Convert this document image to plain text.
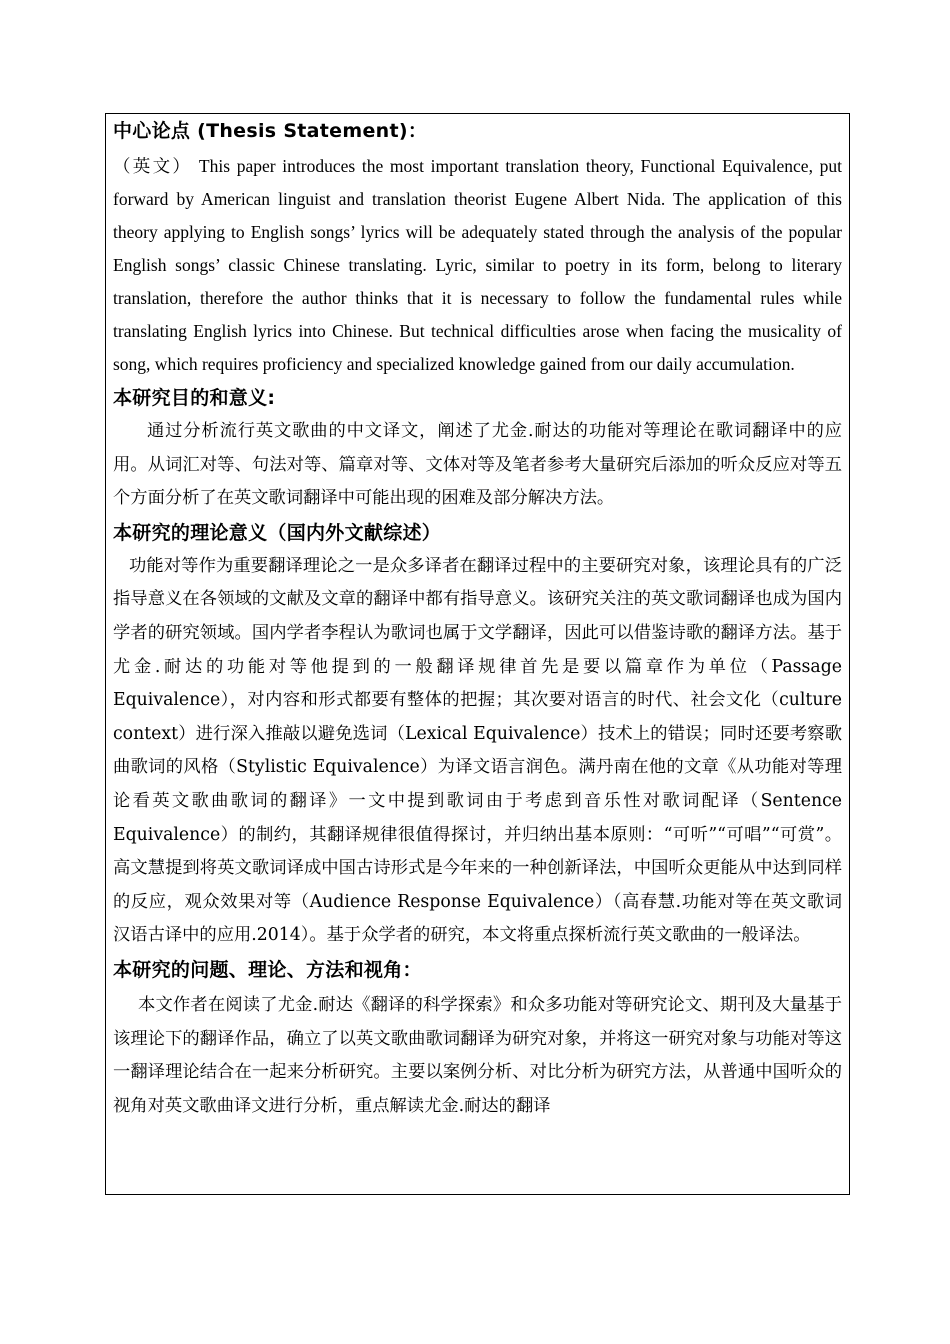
中心论点 (Thesis Statement)：

（英文） This paper introduces the most important translation theory, Functional Equivalence, put forward by American linguist and translation theorist Eugene Albert Nida. The application of this theory applying to English songs’ lyrics will be adequately stated through the analysis of the popular English songs’ classic Chinese translating. Lyric, similar to poetry in its form, belong to literary translation, therefore the author thinks that it is necessary to follow the fundamental rules while translating English lyrics into Chinese. But technical difficulties arose when facing the musicality of song, which requires proficiency and specialized knowledge gained from our daily accumulation.

本研究目的和意义:

通过分析流行英文歌曲的中文译文，阐述了尤金.耐达的功能对等理论在歌词翻译中的应用。从词汇对等、句法对等、篇章对等、文体对等及笔者参考大量研究后添加的听众反应对等五个方面分析了在英文歌词翻译中可能出现的困难及部分解决方法。

本研究的理论意义（国内外文献综述）

功能对等作为重要翻译理论之一是众多译者在翻译过程中的主要研究对象，该理论具有的广泛指导意义在各领域的文献及文章的翻译中都有指导意义。该研究关注的英文歌词翻译也成为国内学者的研究领域。国内学者李程认为歌词也属于文学翻译，因此可以借鉴诗歌的翻译方法。基于尤金.耐达的功能对等他提到的一般翻译规律首先是要以篇章作为单位（Passage Equivalence），对内容和形式都要有整体的把握；其次要对语言的时代、社会文化（culture context）进行深入推敲以避免选词（Lexical Equivalence）技术上的错误；同时还要考察歌曲歌词的风格（Stylistic Equivalence）为译文语言润色。满丹南在他的文章《从功能对等理论看英文歌曲歌词的翻译》一文中提到歌词由于考虑到音乐性对歌词配译（Sentence Equivalence）的制约，其翻译规律很值得探讨，并归纳出基本原则：“可听”“可唱”“可赏”。高文慧提到将英文歌词译成中国古诗形式是今年来的一种创新译法，中国听众更能从中达到同样的反应，观众效果对等（Audience Response Equivalence）（高春慧.功能对等在英文歌词汉语古译中的应用.2014）。基于众学者的研究，本文将重点探析流行英文歌曲的一般译法。

本研究的问题、理论、方法和视角：

本文作者在阅读了尤金.耐达《翻译的科学探索》和众多功能对等研究论文、期刊及大量基于该理论下的翻译作品，确立了以英文歌曲歌词翻译为研究对象，并将这一研究对象与功能对等这一翻译理论结合在一起来分析研究。主要以案例分析、对比分析为研究方法，从普通中国听众的视角对英文歌曲译文进行分析，重点解读尤金.耐达的翻译
